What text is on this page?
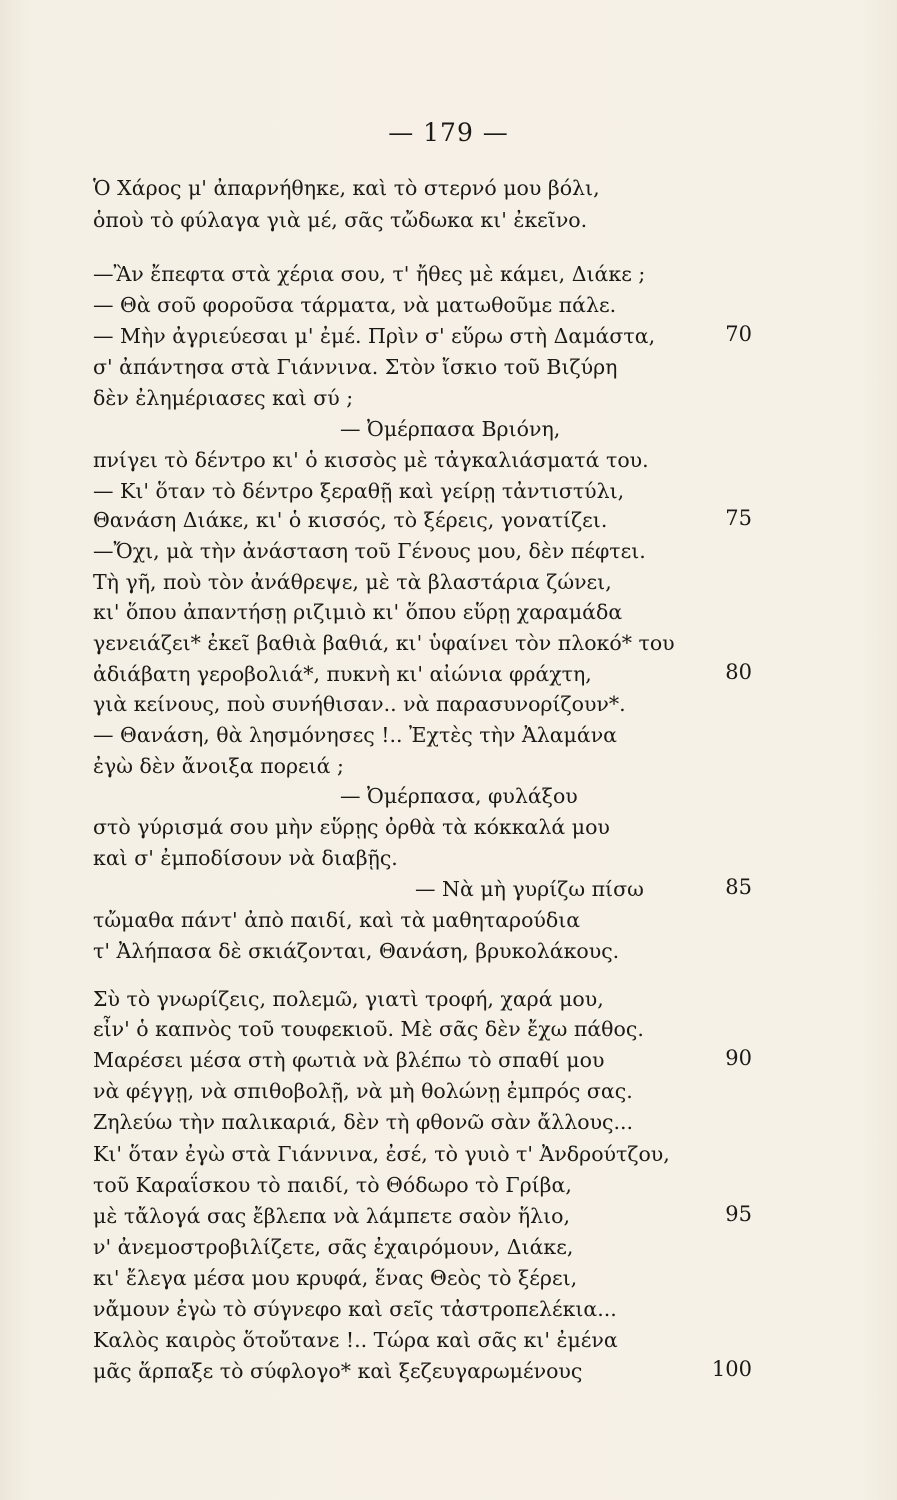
— 179 —
Ὁ Χάρος μ' ἀπαρνήθηκε, καὶ τὸ στερνό μου βόλι,
ὁποὺ τὸ φύλαγα γιὰ μέ, σᾶς τὤδωκα κι' ἐκεῖνο.
—Ἂν ἔπεφτα στὰ χέρια σου, τ' ἤθες μὲ κάμει, Διάκε ;
— Θὰ σοῦ φοροῦσα τάρματα, νὰ ματωθοῦμε πάλε.
— Μὴν ἀγριεύεσαι μ' ἐμέ. Πρὶν σ' εὕρω στὴ Δαμάστα,	70
σ' ἀπάντησα στὰ Γιάννινα. Στὸν ἴσκιο τοῦ Βιζύρη
δὲν ἐλημέριασες καὶ σύ ;
— Ὀμέρπασα Βριόνη,
πνίγει τὸ δέντρο κι' ὁ κισσὸς μὲ τἀγκαλιάσματά του.
— Κι' ὅταν τὸ δέντρο ξεραθῇ καὶ γείρῃ τἀντιστύλι,
Θανάση Διάκε, κι' ὁ κισσός, τὸ ξέρεις, γονατίζει.	75
—Ὄχι, μὰ τὴν ἀνάσταση τοῦ Γένους μου, δὲν πέφτει.
Τὴ γῆ, ποὺ τὸν ἀνάθρεψε, μὲ τὰ βλαστάρια ζώνει,
κι' ὅπου ἀπαντήσῃ ριζιμιὸ κι' ὅπου εὕρῃ χαραμάδα
γενειάζει* ἐκεῖ βαθιὰ βαθιά, κι' ὑφαίνει τὸν πλοκό* του
ἀδιάβατη γεροβολιά*, πυκνὴ κι' αἰώνια φράχτη,	80
γιὰ κείνους, ποὺ συνήθισαν.. νὰ παρασυνορίζουν*.
— Θανάση, θὰ λησμόνησες !.. Ἐχτὲς τὴν Ἀλαμάνα
ἐγὼ δὲν ἄνοιξα πορειά ;
— Ὀμέρπασα, φυλάξου
στὸ γύρισμά σου μὴν εὕρῃς ὀρθὰ τὰ κόκκαλά μου
καὶ σ' ἐμποδίσουν νὰ διαβῇς.
— Νὰ μὴ γυρίζω πίσω	85
τὤμαθα πάντ' ἀπὸ παιδί, καὶ τὰ μαθηταρούδια
τ' Ἀλήπασα δὲ σκιάζονται, Θανάση, βρυκολάκους.
Σὺ τὸ γνωρίζεις, πολεμῶ, γιατὶ τροφή, χαρά μου,
εἶν' ὁ καπνὸς τοῦ τουφεκιοῦ. Μὲ σᾶς δὲν ἔχω πάθος.
Μαρέσει μέσα στὴ φωτιὰ νὰ βλέπω τὸ σπαθί μου	90
νὰ φέγγῃ, νὰ σπιθοβολῇ, νὰ μὴ θολώνῃ ἐμπρός σας.
Ζηλεύω τὴν παλικαριά, δὲν τὴ φθονῶ σὰν ἄλλους...
Κι' ὅταν ἐγὼ στὰ Γιάννινα, ἐσέ, τὸ γυιὸ τ' Ἀνδρούτζου,
τοῦ Καραΐσκου τὸ παιδί, τὸ Θόδωρο τὸ Γρίβα,
μὲ τἄλογά σας ἔβλεπα νὰ λάμπετε σαὸν ἥλιο,	95
ν' ἀνεμοστροβιλίζετε, σᾶς ἐχαιρόμουν, Διάκε,
κι' ἔλεγα μέσα μου κρυφά, ἕνας Θεὸς τὸ ξέρει,
νἄμουν ἐγὼ τὸ σύγνεφο καὶ σεῖς τἀστροπελέκια...
Καλὸς καιρὸς ὅτοὔτανε !.. Τώρα καὶ σᾶς κι' ἐμένα
μᾶς ἅρπαξε τὸ σύφλογο* καὶ ξεζευγαρωμένους	100
